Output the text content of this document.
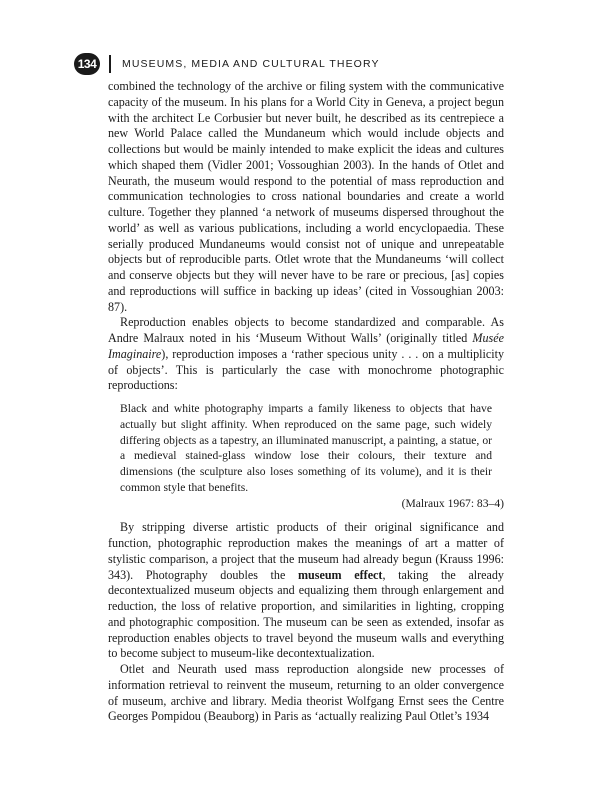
134	MUSEUMS, MEDIA AND CULTURAL THEORY

combined the technology of the archive or filing system with the communicative capacity of the museum. In his plans for a World City in Geneva, a project begun with the architect Le Corbusier but never built, he described as its centrepiece a new World Palace called the Mundaneum which would include objects and collections but would be mainly intended to make explicit the ideas and cultures which shaped them (Vidler 2001; Vossoughian 2003). In the hands of Otlet and Neurath, the museum would respond to the potential of mass reproduction and communication technologies to cross national boundaries and create a world culture. Together they planned ‘a network of museums dispersed throughout the world’ as well as various publications, including a world encyclopaedia. These serially produced Mundaneums would consist not of unique and unrepeatable objects but of reproducible parts. Otlet wrote that the Mundaneums ‘will collect and conserve objects but they will never have to be rare or precious, [as] copies and reproductions will suffice in backing up ideas’ (cited in Vossoughian 2003: 87).

Reproduction enables objects to become standardized and comparable. As Andre Malraux noted in his ‘Museum Without Walls’ (originally titled Musée Imaginaire), reproduction imposes a ‘rather specious unity . . . on a multiplicity of objects’. This is particularly the case with monochrome photographic reproductions:

Black and white photography imparts a family likeness to objects that have actually but slight affinity. When reproduced on the same page, such widely differing objects as a tapestry, an illuminated manuscript, a painting, a statue, or a medieval stained-glass window lose their colours, their texture and dimensions (the sculpture also loses something of its volume), and it is their common style that benefits.

(Malraux 1967: 83–4)

By stripping diverse artistic products of their original significance and function, photographic reproduction makes the meanings of art a matter of stylistic comparison, a project that the museum had already begun (Krauss 1996: 343). Photography doubles the museum effect, taking the already decontextualized museum objects and equalizing them through enlargement and reduction, the loss of relative proportion, and similarities in lighting, cropping and photographic composition. The museum can be seen as extended, insofar as reproduction enables objects to travel beyond the museum walls and everything to become subject to museum-like decontextualization.

Otlet and Neurath used mass reproduction alongside new processes of information retrieval to reinvent the museum, returning to an older convergence of museum, archive and library. Media theorist Wolfgang Ernst sees the Centre Georges Pompidou (Beauborg) in Paris as ‘actually realizing Paul Otlet’s 1934
